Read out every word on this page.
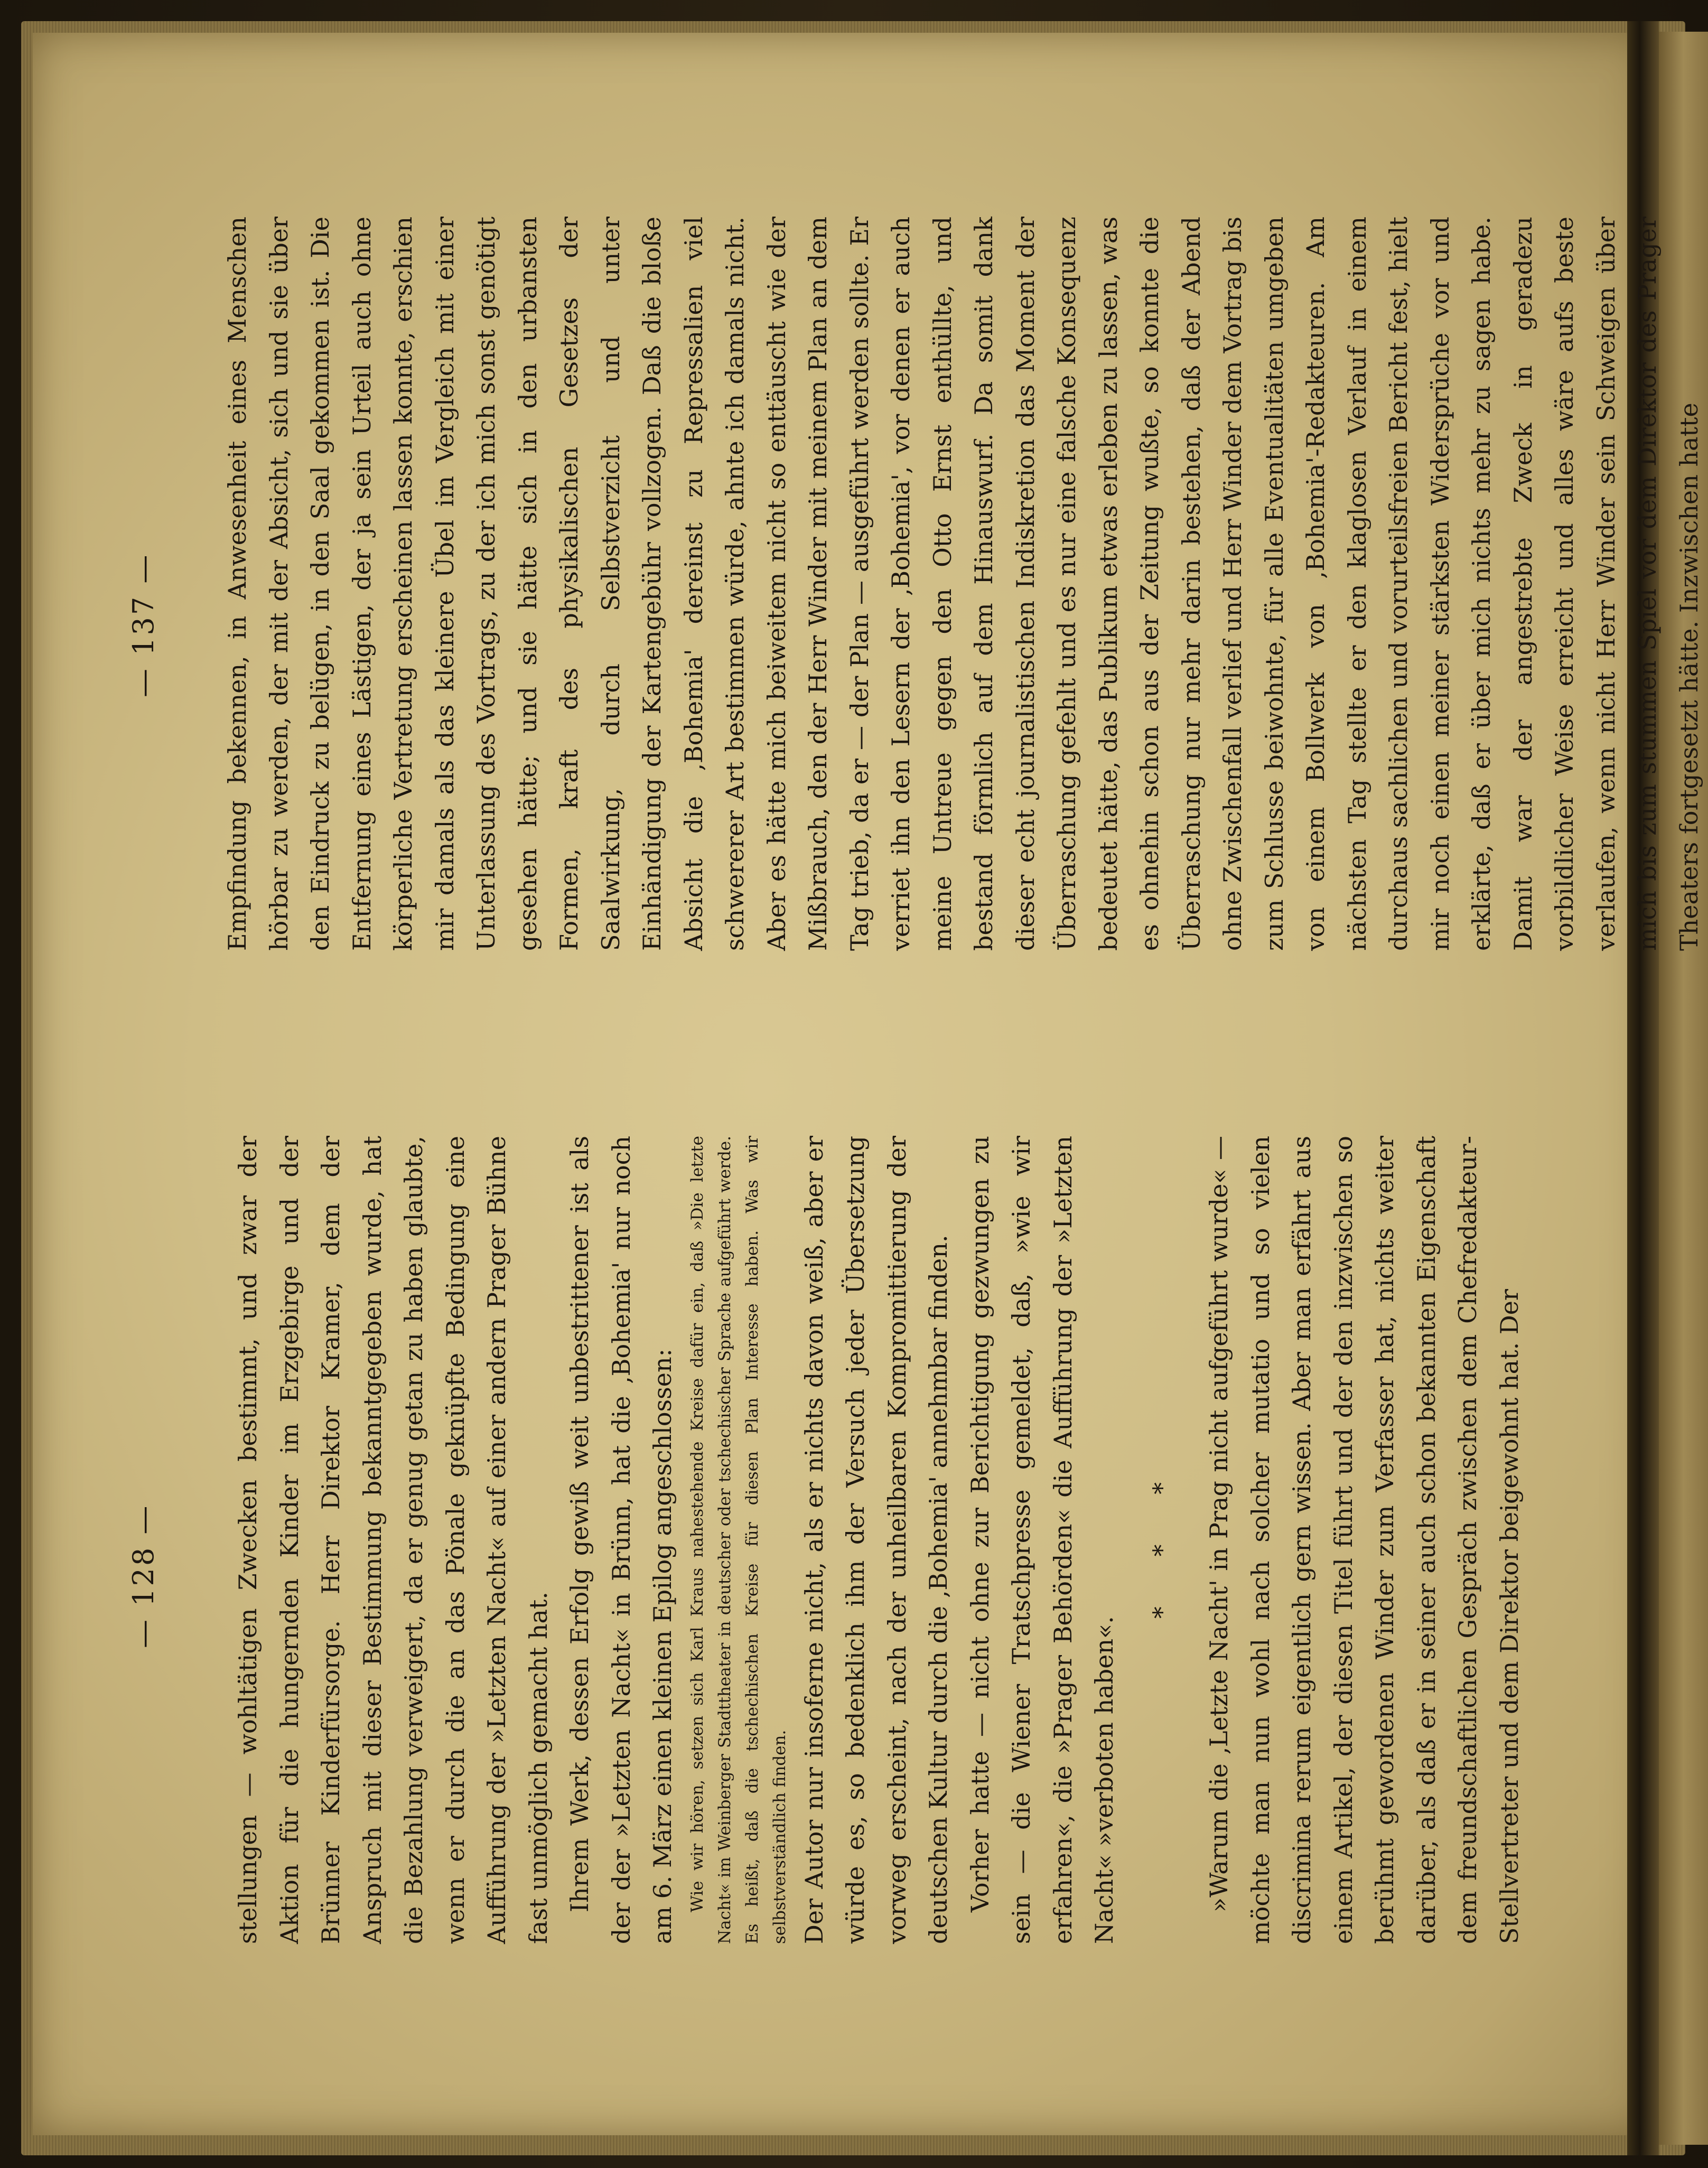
— 128 —
— 137 —

stellungen — wohltätigen Zwecken bestimmt, und zwar der Aktion für die hungernden Kinder im Erzgebirge und der Brünner Kinderfürsorge. Herr Direktor Kramer, dem der Anspruch mit dieser Bestimmung bekanntgegeben wurde, hat die Bezahlung verweigert, da er genug getan zu haben glaubte, wenn er durch die an das Pönale geknüpfte Bedingung eine Aufführung der »Letzten Nacht« auf einer andern Prager Bühne fast unmöglich gemacht hat. Ihrem Werk, dessen Erfolg gewiß weit unbestrittener ist als der der »Letzten Nacht« in Brünn, hat die ‚Bohemia' nur noch am 6. März einen kleinen Epilog angeschlossen: Wie wir hören, setzen sich Karl Kraus nahestehende Kreise dafür ein, daß »Die letzte Nacht« im Weinberger Stadttheater in deutscher oder tschechischer Sprache aufgeführt werde. Es heißt, daß die tschechischen Kreise für diesen Plan Interesse haben. Was wir selbstverständlich finden. Der Autor nur insoferne nicht, als er nichts davon weiß, aber er würde es, so bedenklich ihm der Versuch jeder Übersetzung vorweg erscheint, nach der unheilbaren Kompromittierung der deutschen Kultur durch die ‚Bohemia' annehmbar finden. Vorher hatte — nicht ohne zur Berichtigung gezwungen zu sein — die Wiener Tratschpresse gemeldet, daß, »wie wir erfahren«, die »Prager Behörden« die Aufführung der »Letzten Nacht« »verboten haben«.

* * * »Warum die ‚Letzte Nacht' in Prag nicht aufgeführt wurde« — möchte man nun wohl nach solcher mutatio und so vielen discrimina rerum eigentlich gern wissen. Aber man erfährt aus einem Artikel, der diesen Titel führt und der den inzwischen so berühmt gewordenen Winder zum Verfasser hat, nichts weiter darüber, als daß er in seiner auch schon bekannten Eigenschaft dem freundschaftlichen Gespräch zwischen dem Chefredakteur-Stellvertreter und dem Direktor beigewohnt hat. Der

Empfindung bekennen, in Anwesenheit eines Menschen hörbar zu werden, der mit der Absicht, sich und sie über den Eindruck zu belügen, in den Saal gekommen ist. Die Entfernung eines Lästigen, der ja sein Urteil auch ohne körperliche Vertretung erscheinen lassen konnte, erschien mir damals als das kleinere Übel im Vergleich mit einer Unterlassung des Vortrags, zu der ich mich sonst genötigt gesehen hätte; und sie hätte sich in den urbansten Formen, kraft des physikalischen Gesetzes der Saalwirkung, durch Selbstverzicht und unter Einhändigung der Kartengebühr vollzogen. Daß die bloße Absicht die ‚Bohemia' dereinst zu Repressalien viel schwererer Art bestimmen würde, ahnte ich damals nicht. Aber es hätte mich beiweitem nicht so enttäuscht wie der Mißbrauch, den der Herr Winder mit meinem Plan an dem Tag trieb, da er — der Plan — ausgeführt werden sollte. Er verriet ihn den Lesern der ‚Bohemia', vor denen er auch meine Untreue gegen den Otto Ernst enthüllte, und bestand förmlich auf dem Hinauswurf. Da somit dank dieser echt journalistischen Indiskretion das Moment der Überraschung gefehlt und es nur eine falsche Konsequenz bedeutet hätte, das Publikum etwas erleben zu lassen, was es ohnehin schon aus der Zeitung wußte, so konnte die Überraschung nur mehr darin bestehen, daß der Abend ohne Zwischenfall verlief und Herr Winder dem Vortrag bis zum Schlusse beiwohnte, für alle Eventualitäten umgeben von einem Bollwerk von ‚Bohemia'-Redakteuren. Am nächsten Tag stellte er den klaglosen Verlauf in einem durchaus sachlichen und vorurteilsfreien Bericht fest, hielt mir noch einen meiner stärksten Widersprüche vor und erklärte, daß er über mich nichts mehr zu sagen habe. Damit war der angestrebte Zweck in geradezu vorbildlicher Weise erreicht und alles wäre aufs beste verlaufen, wenn nicht Herr Winder sein Schweigen über mich bis zum stummen Spiel vor dem Direktor des Prager Theaters fortgesetzt hätte. Inzwischen hatte
